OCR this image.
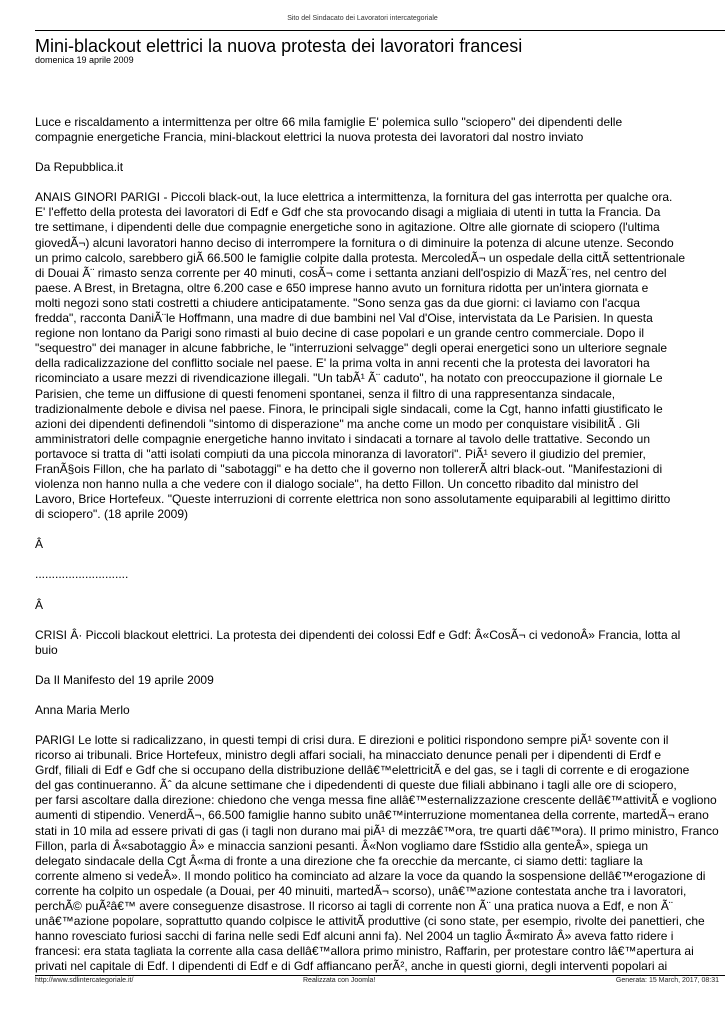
Sito del Sindacato dei Lavoratori intercategoriale
Mini-blackout elettrici la nuova protesta dei lavoratori francesi
domenica 19 aprile 2009

Luce e riscaldamento a intermittenza per oltre 66 mila famiglie E' polemica sullo "sciopero" dei dipendenti delle
compagnie energetiche Francia, mini-blackout elettrici la nuova protesta dei lavoratori dal nostro inviato

Da Repubblica.it

ANAIS GINORI PARIGI - Piccoli black-out, la luce elettrica a intermittenza, la fornitura del gas interrotta per qualche ora.
E' l'effetto della protesta dei lavoratori di Edf e Gdf che sta provocando disagi a migliaia di utenti in tutta la Francia. Da
tre settimane, i dipendenti delle due compagnie energetiche sono in agitazione. Oltre alle giornate di sciopero (l'ultima
giovedÃ¬) alcuni lavoratori hanno deciso di interrompere la fornitura o di diminuire la potenza di alcune utenze. Secondo
un primo calcolo, sarebbero giÃ 66.500 le famiglie colpite dalla protesta. MercoledÃ¬ un ospedale della cittÃ settentrionale
di Douai Ã¨ rimasto senza corrente per 40 minuti, cosÃ¬ come i settanta anziani dell'ospizio di MazÃ¨res, nel centro del
paese. A Brest, in Bretagna, oltre 6.200 case e 650 imprese hanno avuto un fornitura ridotta per un'intera giornata e
molti negozi sono stati costretti a chiudere anticipatamente. "Sono senza gas da due giorni: ci laviamo con l'acqua
fredda", racconta DaniÃ¨le Hoffmann, una madre di due bambini nel Val d'Oise, intervistata da Le Parisien. In questa
regione non lontano da Parigi sono rimasti al buio decine di case popolari e un grande centro commerciale. Dopo il
"sequestro" dei manager in alcune fabbriche, le "interruzioni selvagge" degli operai energetici sono un ulteriore segnale
della radicalizzazione del conflitto sociale nel paese. E' la prima volta in anni recenti che la protesta dei lavoratori ha
ricominciato a usare mezzi di rivendicazione illegali. "Un tabÃ¹ Ã¨ caduto", ha notato con preoccupazione il giornale Le
Parisien, che teme un diffusione di questi fenomeni spontanei, senza il filtro di una rappresentanza sindacale,
tradizionalmente debole e divisa nel paese. Finora, le principali sigle sindacali, come la Cgt, hanno infatti giustificato le
azioni dei dipendenti definendoli "sintomo di disperazione" ma anche come un modo per conquistare visibilitÃ . Gli
amministratori delle compagnie energetiche hanno invitato i sindacati a tornare al tavolo delle trattative. Secondo un
portavoce si tratta di "atti isolati compiuti da una piccola minoranza di lavoratori". PiÃ¹ severo il giudizio del premier,
FranÃ§ois Fillon, che ha parlato di "sabotaggi" e ha detto che il governo non tollererÃ altri black-out. "Manifestazioni di
violenza non hanno nulla a che vedere con il dialogo sociale", ha detto Fillon. Un concetto ribadito dal ministro del
Lavoro, Brice Hortefeux. "Queste interruzioni di corrente elettrica non sono assolutamente equiparabili al legittimo diritto
di sciopero". (18 aprile 2009)

Â

............................

Â

CRISI Â· Piccoli blackout elettrici. La protesta dei dipendenti dei colossi Edf e Gdf: Â«CosÃ¬ ci vedonoÂ» Francia, lotta al
buio

Da Il Manifesto del 19 aprile 2009

Anna Maria Merlo

PARIGI Le lotte si radicalizzano, in questi tempi di crisi dura. E direzioni e politici rispondono sempre piÃ¹ sovente con il
ricorso ai tribunali. Brice Hortefeux, ministro degli affari sociali, ha minacciato denunce penali per i dipendenti di Erdf e
Grdf, filiali di Edf e Gdf che si occupano della distribuzione dellâ€™elettricitÃ e del gas, se i tagli di corrente e di erogazione
del gas continueranno. Ãˆ da alcune settimane che i dipedendenti di queste due filiali abbinano i tagli alle ore di sciopero,
per farsi ascoltare dalla direzione: chiedono che venga messa fine allâ€™esternalizzazione crescente dellâ€™attivitÃ e vogliono
aumenti di stipendio. VenerdÃ¬, 66.500 famiglie hanno subito unâ€™interruzione momentanea della corrente, martedÃ¬ erano
stati in 10 mila ad essere privati di gas (i tagli non durano mai piÃ¹ di mezzâ€™ora, tre quarti dâ€™ora). Il primo ministro, Franco
Fillon, parla di Â«sabotaggio Â» e minaccia sanzioni pesanti. Â«Non vogliamo dare fSstidio alla genteÂ», spiega un
delegato sindacale della Cgt Â«ma di fronte a una direzione che fa orecchie da mercante, ci siamo detti: tagliare la
corrente almeno si vedeÂ». Il mondo politico ha cominciato ad alzare la voce da quando la sospensione dellâ€™erogazione di
corrente ha colpito un ospedale (a Douai, per 40 minuiti, martedÃ¬ scorso), unâ€™azione contestata anche tra i lavoratori,
perchÃ© puÃ²â€™ avere conseguenze disastrose. Il ricorso ai tagli di corrente non Ã¨ una pratica nuova a Edf, e non Ã¨
unâ€™azione popolare, soprattutto quando colpisce le attivitÃ produttive (ci sono state, per esempio, rivolte dei panettieri, che
hanno rovesciato furiosi sacchi di farina nelle sedi Edf alcuni anni fa). Nel 2004 un taglio Â«mirato Â» aveva fatto ridere i
francesi: era stata tagliata la corrente alla casa dellâ€™allora primo ministro, Raffarin, per protestare contro lâ€™apertura ai
privati nel capitale di Edf. I dipendenti di Edf e di Gdf affiancano perÃ², anche in questi giorni, degli interventi popolari ai

http://www.sdlintercategoriale.it/	Realizzata con Joomla!	Generata: 15 March, 2017, 08:31
